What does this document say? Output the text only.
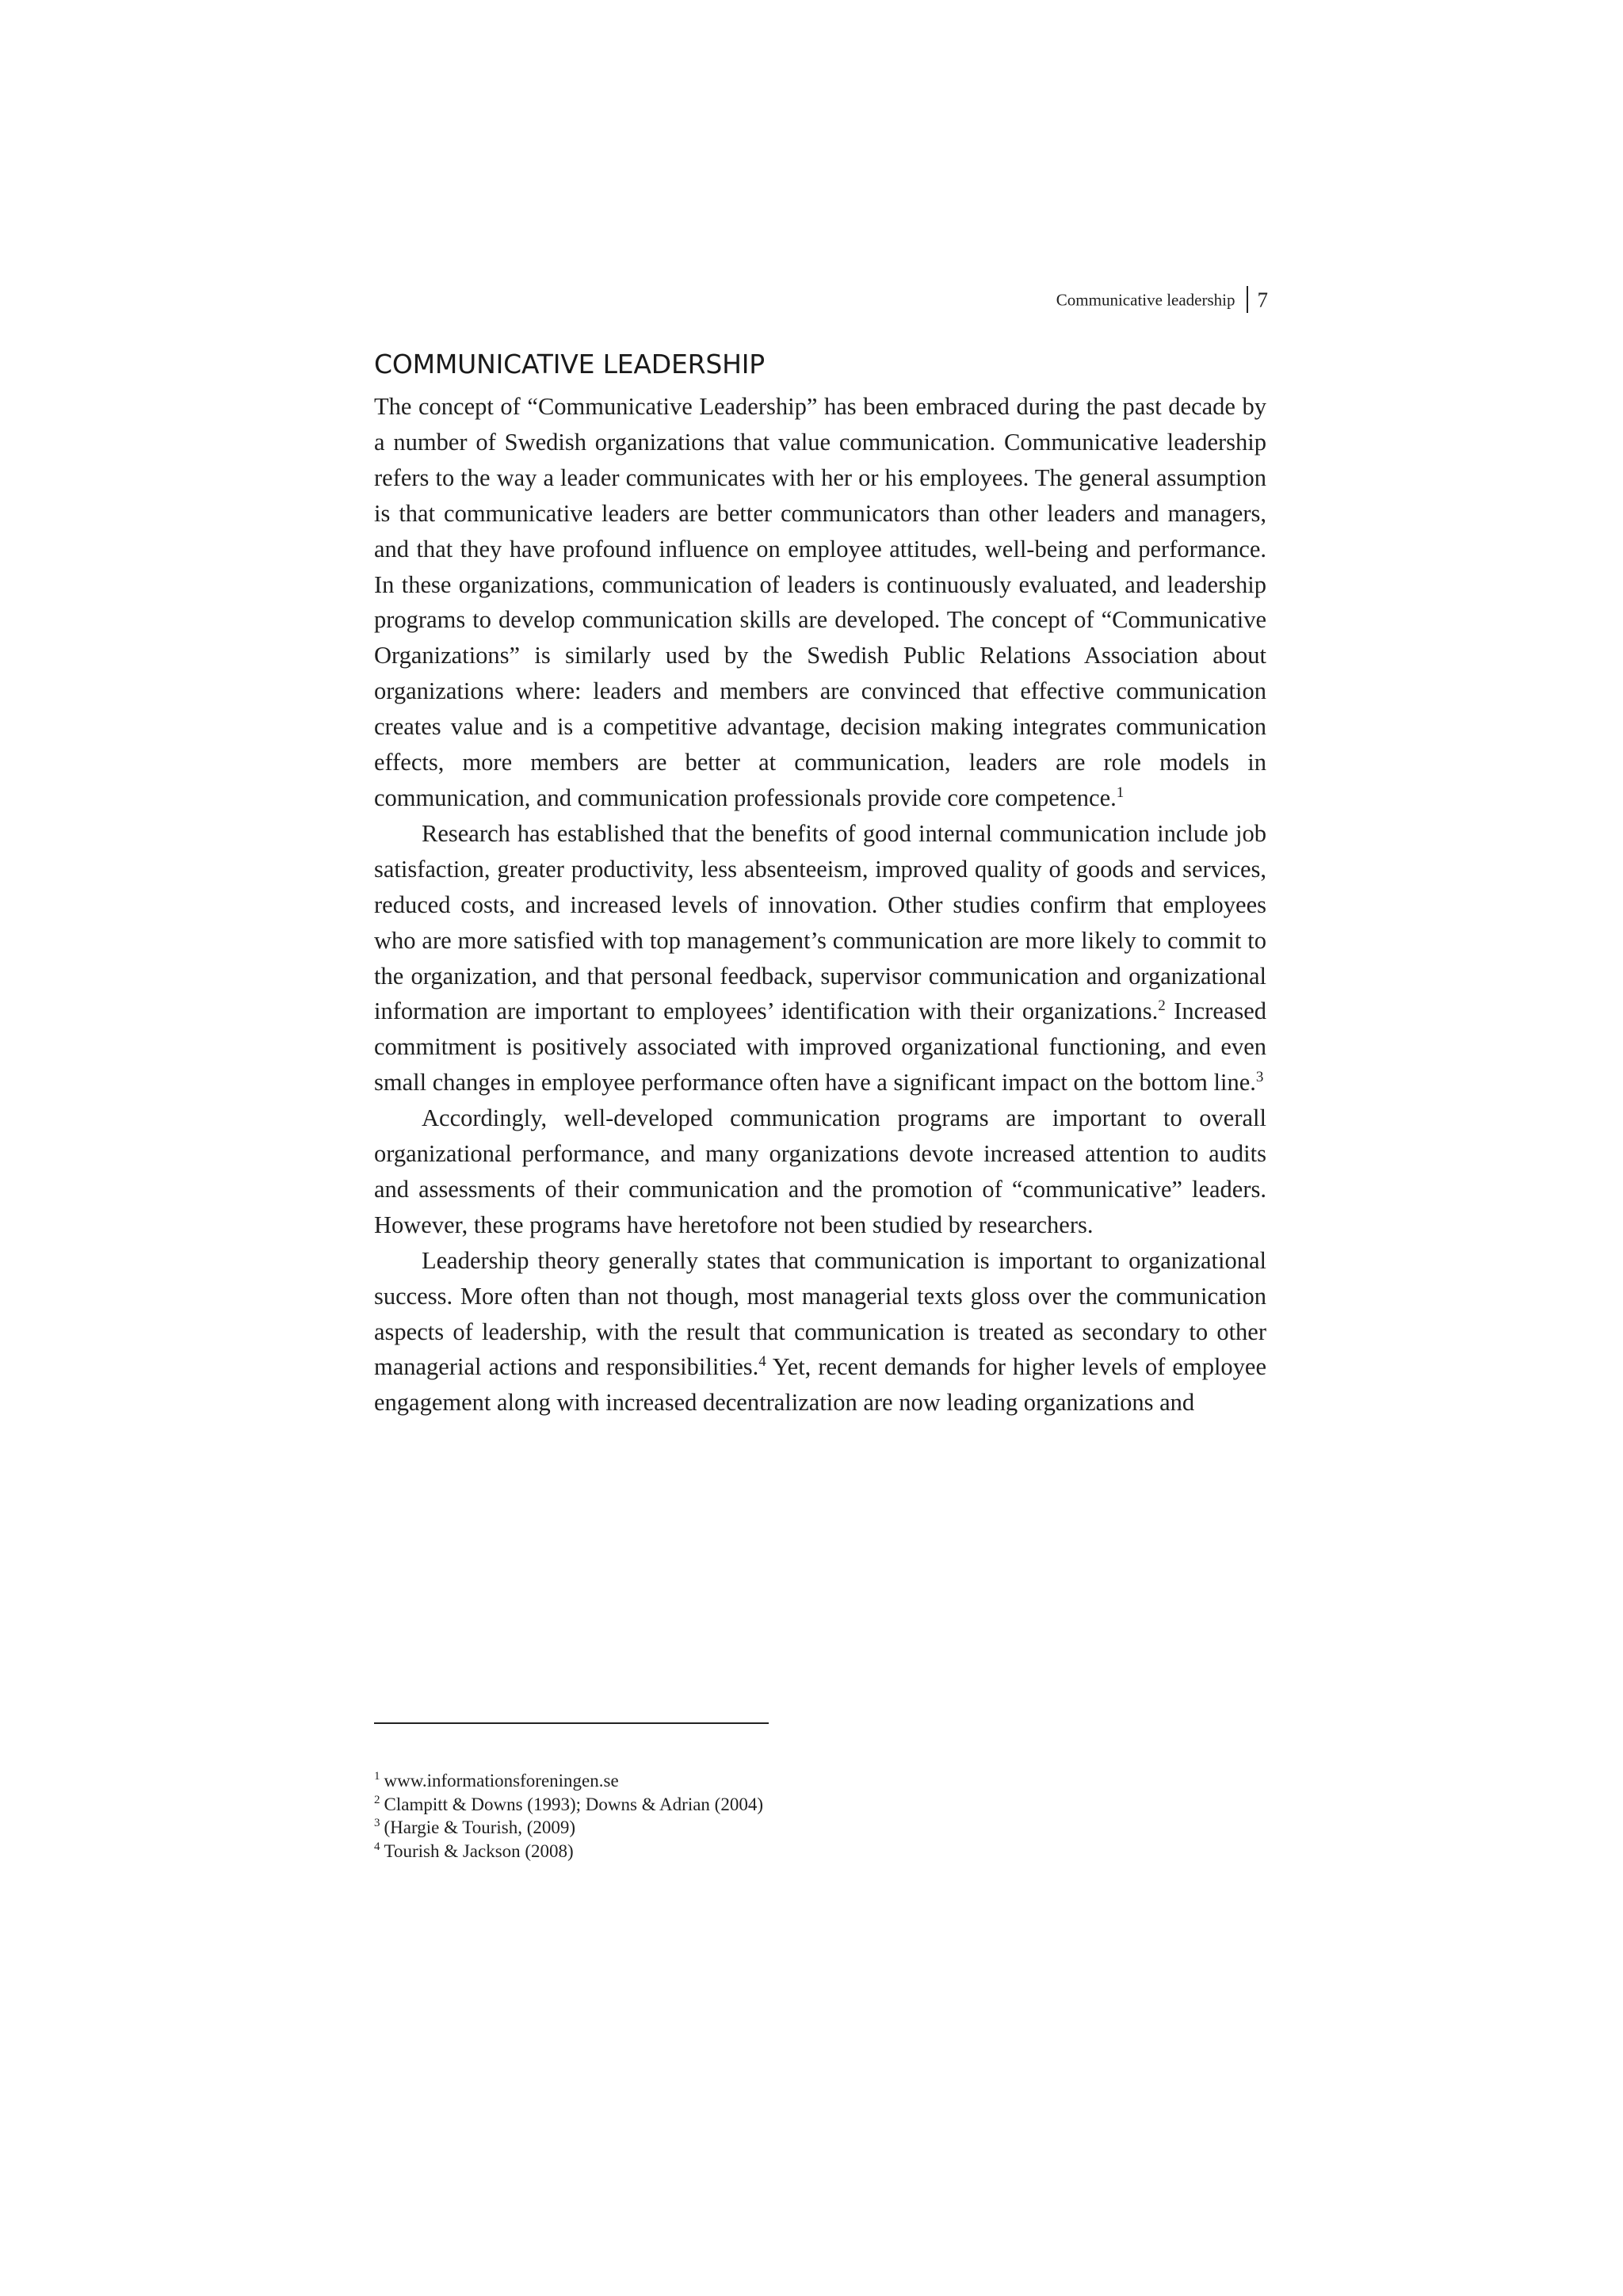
Communicative leadership 7
COMMUNICATIVE LEADERSHIP

The concept of “Communicative Leadership” has been embraced during the past decade by a number of Swedish organizations that value communication. Communicative leadership refers to the way a leader communicates with her or his employees. The general assumption is that communicative leaders are better communicators than other leaders and managers, and that they have profound influence on employee attitudes, well-being and performance. In these organizations, communication of leaders is continuously evaluated, and leadership programs to develop communication skills are developed. The concept of “Communicative Organizations” is similarly used by the Swedish Public Relations Association about organizations where: leaders and members are convinced that effective communication creates value and is a competitive advantage, decision making integrates communication effects, more members are better at communication, leaders are role models in communication, and communication professionals provide core competence.$^1$

Research has established that the benefits of good internal communication include job satisfaction, greater productivity, less absenteeism, improved quality of goods and services, reduced costs, and increased levels of innovation. Other studies confirm that employees who are more satisfied with top management’s communication are more likely to commit to the organization, and that personal feedback, supervisor communication and organizational information are important to employees’ identification with their organizations.$^2$ Increased commitment is positively associated with improved organizational functioning, and even small changes in employee performance often have a significant impact on the bottom line.$^3$

Accordingly, well-developed communication programs are important to overall organizational performance, and many organizations devote increased attention to audits and assessments of their communication and the promotion of “communicative” leaders. However, these programs have heretofore not been studied by researchers.

Leadership theory generally states that communication is important to organizational success. More often than not though, most managerial texts gloss over the communication aspects of leadership, with the result that communication is treated as secondary to other managerial actions and responsibilities.$^4$ Yet, recent demands for higher levels of employee engagement along with increased decentralization are now leading organizations and

$^1$ www.informationsforeningen.se
$^2$ Clampitt & Downs (1993); Downs & Adrian (2004)
$^3$ (Hargie & Tourish, (2009)
$^4$ Tourish & Jackson (2008)
